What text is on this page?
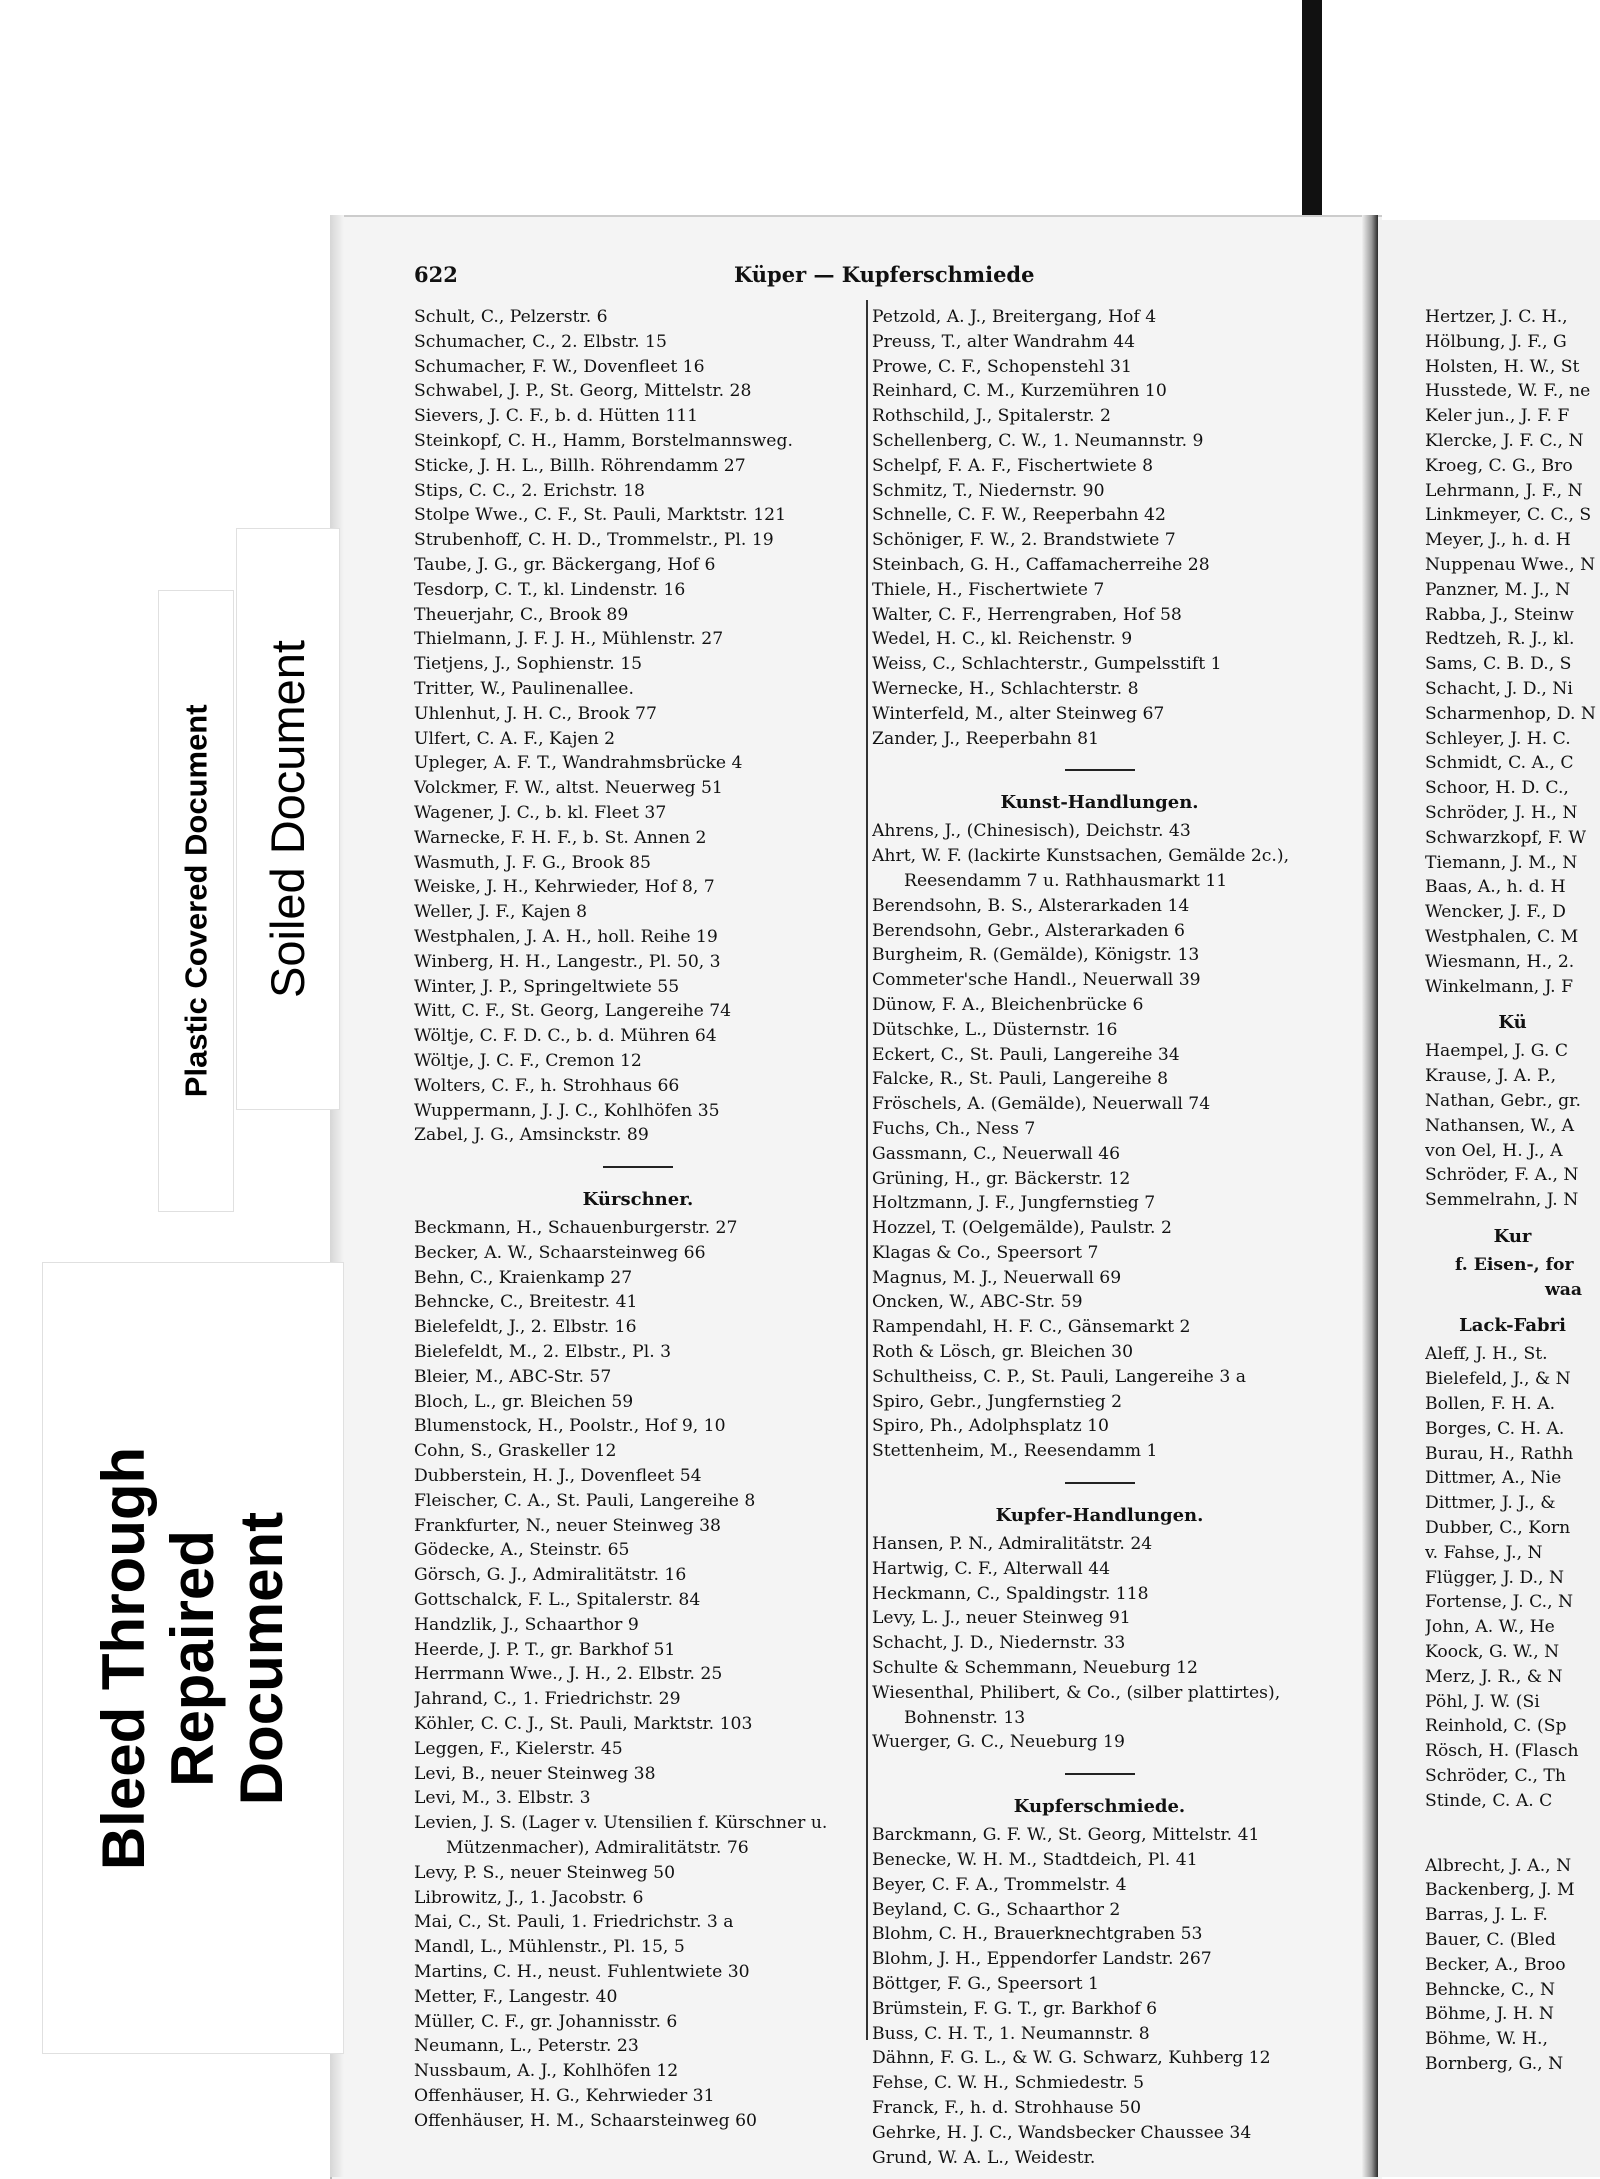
622	Küper — Kupferschmiede
Schult, C., Pelzerstr. 6
Schumacher, C., 2. Elbstr. 15
Schumacher, F. W., Dovenfleet 16
Schwabel, J. P., St. Georg, Mittelstr. 28
Sievers, J. C. F., b. d. Hütten 111
Steinkopf, C. H., Hamm, Borstelmannsweg.
Sticke, J. H. L., Billh. Röhrendamm 27
Stips, C. C., 2. Erichstr. 18
Stolpe Wwe., C. F., St. Pauli, Marktstr. 121
Strubenhoff, C. H. D., Trommelstr., Pl. 19
Taube, J. G., gr. Bäckergang, Hof 6
Tesdorp, C. T., kl. Lindenstr. 16
Theuerjahr, C., Brook 89
Thielmann, J. F. J. H., Mühlenstr. 27
Tietjens, J., Sophienstr. 15
Tritter, W., Paulinenallee.
Uhlenhut, J. H. C., Brook 77
Ulfert, C. A. F., Kajen 2
Upleger, A. F. T., Wandrahmsbrücke 4
Volckmer, F. W., altst. Neuerweg 51
Wagener, J. C., b. kl. Fleet 37
Warnecke, F. H. F., b. St. Annen 2
Wasmuth, J. F. G., Brook 85
Weiske, J. H., Kehrwieder, Hof 8, 7
Weller, J. F., Kajen 8
Westphalen, J. A. H., holl. Reihe 19
Winberg, H. H., Langestr., Pl. 50, 3
Winter, J. P., Springeltwiete 55
Witt, C. F., St. Georg, Langereihe 74
Wöltje, C. F. D. C., b. d. Mühren 64
Wöltje, J. C. F., Cremon 12
Wolters, C. F., h. Strohhaus 66
Wuppermann, J. J. C., Kohlhöfen 35
Zabel, J. G., Amsinckstr. 89
Kürschner.
Beckmann, H., Schauenburgerstr. 27
Becker, A. W., Schaarsteinweg 66
Behn, C., Kraienkamp 27
Behncke, C., Breitestr. 41
Bielefeldt, J., 2. Elbstr. 16
Bielefeldt, M., 2. Elbstr., Pl. 3
Bleier, M., ABC-Str. 57
Bloch, L., gr. Bleichen 59
Blumenstock, H., Poolstr., Hof 9, 10
Cohn, S., Graskeller 12
Dubberstein, H. J., Dovenfleet 54
Fleischer, C. A., St. Pauli, Langereihe 8
Frankfurter, N., neuer Steinweg 38
Gödecke, A., Steinstr. 65
Görsch, G. J., Admiralitätstr. 16
Gottschalck, F. L., Spitalerstr. 84
Handzlik, J., Schaarthor 9
Heerde, J. P. T., gr. Barkhof 51
Herrmann Wwe., J. H., 2. Elbstr. 25
Jahrand, C., 1. Friedrichstr. 29
Köhler, C. C. J., St. Pauli, Marktstr. 103
Leggen, F., Kielerstr. 45
Levi, B., neuer Steinweg 38
Levi, M., 3. Elbstr. 3
Levien, J. S. (Lager v. Utensilien f. Kürschner u.
Mützenmacher), Admiralitätstr. 76
Levy, P. S., neuer Steinweg 50
Librowitz, J., 1. Jacobstr. 6
Mai, C., St. Pauli, 1. Friedrichstr. 3 a
Mandl, L., Mühlenstr., Pl. 15, 5
Martins, C. H., neust. Fuhlentwiete 30
Metter, F., Langestr. 40
Müller, C. F., gr. Johannisstr. 6
Neumann, L., Peterstr. 23
Nussbaum, A. J., Kohlhöfen 12
Offenhäuser, H. G., Kehrwieder 31
Offenhäuser, H. M., Schaarsteinweg 60
Petzold, A. J., Breitergang, Hof 4
Preuss, T., alter Wandrahm 44
Prowe, C. F., Schopenstehl 31
Reinhard, C. M., Kurzemühren 10
Rothschild, J., Spitalerstr. 2
Schellenberg, C. W., 1. Neumannstr. 9
Schelpf, F. A. F., Fischertwiete 8
Schmitz, T., Niedernstr. 90
Schnelle, C. F. W., Reeperbahn 42
Schöniger, F. W., 2. Brandstwiete 7
Steinbach, G. H., Caffamacherreihe 28
Thiele, H., Fischertwiete 7
Walter, C. F., Herrengraben, Hof 58
Wedel, H. C., kl. Reichenstr. 9
Weiss, C., Schlachterstr., Gumpelsstift 1
Wernecke, H., Schlachterstr. 8
Winterfeld, M., alter Steinweg 67
Zander, J., Reeperbahn 81
Kunst-Handlungen.
Ahrens, J., (Chinesisch), Deichstr. 43
Ahrt, W. F. (lackirte Kunstsachen, Gemälde 2c.),
Reesendamm 7 u. Rathhausmarkt 11
Berendsohn, B. S., Alsterarkaden 14
Berendsohn, Gebr., Alsterarkaden 6
Burgheim, R. (Gemälde), Königstr. 13
Commeter'sche Handl., Neuerwall 39
Dünow, F. A., Bleichenbrücke 6
Dütschke, L., Düsternstr. 16
Eckert, C., St. Pauli, Langereihe 34
Falcke, R., St. Pauli, Langereihe 8
Fröschels, A. (Gemälde), Neuerwall 74
Fuchs, Ch., Ness 7
Gassmann, C., Neuerwall 46
Grüning, H., gr. Bäckerstr. 12
Holtzmann, J. F., Jungfernstieg 7
Hozzel, T. (Oelgemälde), Paulstr. 2
Klagas & Co., Speersort 7
Magnus, M. J., Neuerwall 69
Oncken, W., ABC-Str. 59
Rampendahl, H. F. C., Gänsemarkt 2
Roth & Lösch, gr. Bleichen 30
Schultheiss, C. P., St. Pauli, Langereihe 3 a
Spiro, Gebr., Jungfernstieg 2
Spiro, Ph., Adolphsplatz 10
Stettenheim, M., Reesendamm 1
Kupfer-Handlungen.
Hansen, P. N., Admiralitätstr. 24
Hartwig, C. F., Alterwall 44
Heckmann, C., Spaldingstr. 118
Levy, L. J., neuer Steinweg 91
Schacht, J. D., Niedernstr. 33
Schulte & Schemmann, Neueburg 12
Wiesenthal, Philibert, & Co., (silber plattirtes),
Bohnenstr. 13
Wuerger, G. C., Neueburg 19
Kupferschmiede.
Barckmann, G. F. W., St. Georg, Mittelstr. 41
Benecke, W. H. M., Stadtdeich, Pl. 41
Beyer, C. F. A., Trommelstr. 4
Beyland, C. G., Schaarthor 2
Blohm, C. H., Brauerknechtgraben 53
Blohm, J. H., Eppendorfer Landstr. 267
Böttger, F. G., Speersort 1
Brümstein, F. G. T., gr. Barkhof 6
Buss, C. H. T., 1. Neumannstr. 8
Dähnn, F. G. L., & W. G. Schwarz, Kuhberg 12
Fehse, C. W. H., Schmiedestr. 5
Franck, F., h. d. Strohhause 50
Gehrke, H. J. C., Wandsbecker Chaussee 34
Grund, W. A. L., Weidestr.
Hertzer, J. C. H.,
Hölbung, J. F., G
Holsten, H. W., St
Husstede, W. F., ne
Keler jun., J. F. F
Klercke, J. F. C., N
Kroeg, C. G., Bro
Lehrmann, J. F., N
Linkmeyer, C. C., S
Meyer, J., h. d. H
Nuppenau Wwe., N
Panzner, M. J., N
Rabba, J., Steinw
Redtzeh, R. J., kl.
Sams, C. B. D., S
Schacht, J. D., Ni
Scharmenhop, D. N
Schleyer, J. H. C.
Schmidt, C. A., C
Schoor, H. D. C.,
Schröder, J. H., N
Schwarzkopf, F. W
Tiemann, J. M., N
Baas, A., h. d. H
Wencker, J. F., D
Westphalen, C. M
Wiesmann, H., 2.
Winkelmann, J. F
Kü
Haempel, J. G. C
Krause, J. A. P.,
Nathan, Gebr., gr.
Nathansen, W., A
von Oel, H. J., A
Schröder, F. A., N
Semmelrahn, J. N
Kur
f. Eisen-, for
waa
Lack-Fabri
Aleff, J. H., St.
Bielefeld, J., & N
Bollen, F. H. A.
Borges, C. H. A.
Burau, H., Rathh
Dittmer, A., Nie
Dittmer, J. J., &
Dubber, C., Korn
v. Fahse, J., N
Flügger, J. D., N
Fortense, J. C., N
John, A. W., He
Koock, G. W., N
Merz, J. R., & N
Pöhl, J. W. (Si
Reinhold, C. (Sp
Rösch, H. (Flasch
Schröder, C., Th
Stinde, C. A. C
Albrecht, J. A., N
Backenberg, J. M
Barras, J. L. F.
Bauer, C. (Bled
Becker, A., Broo
Behncke, C., N
Böhme, J. H. N
Böhme, W. H.,
Bornberg, G., N
Plastic Covered Document Soiled Document
Bleed Through Repaired Document
